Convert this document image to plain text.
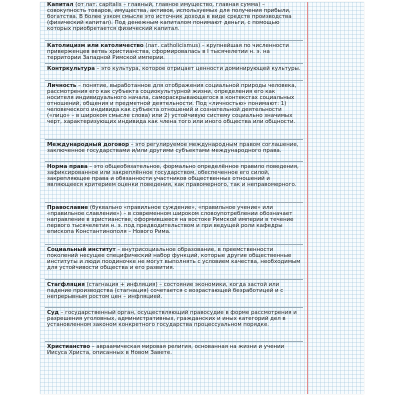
Капитал (от лат. capitalis – главный, главное имущество, главная сумма) – совокупность товаров, имущества, активов, используемых для получения прибыли, богатства. В более узком смысле это источник дохода в виде средств производства (физический капитал). Под денежным капиталом понимают деньги, с помощью которых приобретается физический капитал.

Католицизм или католичество (лат. catholicismus) – крупнейшая по численности приверженцев ветвь христианства, сформировалась в I тысячелетии н. э. на территории Западной Римской империи.

Контркультура – это культура, которое отрицает ценности доминирующей культуры.

Личность – понятие, выработанное для отображения социальной природы человека, рассмотрения его как субъекта социокультурной жизни, определения его как носителя индивидуального начала, самораскрывающегося в контекстах социальных отношений, общения и предметной деятельности. Под «личностью» понимают: 1) человеческого индивида как субъекта отношений и сознательной деятельности («лицо» – в широком смысле слова) или 2) устойчивую систему социально значимых черт, характеризующих индивида как члена того или иного общества или общности.

Международный договор – это регулируемое международным правом соглашение, заключенное государствами и/или другими субъектами международного права.

Норма права – это общеобязательное, формально определённое правило поведения, зафиксированное или закреплённое государством, обеспеченное его силой, закрепляющее права и обязанности участников общественных отношений и являющееся критерием оценки поведения, как правомерного, так и неправомерного.

Православие (буквально «правильное суждение», «правильное учение» или «правильное славление») – в современном широком словоупотреблении обозначает направление в христианстве, оформившееся на востоке Римской империи в течение первого тысячелетия н. э. под предводительством и при ведущей роли кафедры епископа Константинополя – Нового Рима.

Социальный институт – внутрисоциальное образование, в преемственности поколений несущее специфический набор функций, которые другие общественные институты и люди поодиночке не могут выполнять с условием качества, необходимым для устойчивости общества и его развития.

Стагфляция (стагнация + инфляция) – состояние экономики, когда застой или падение производства (стагнация) сочетается с возрастающей безработицей и с непрерывным ростом цен – инфляцией.

Суд – государственный орган, осуществляющий правосудие в форме рассмотрения и разрешения уголовных, административных, гражданских и иных категорий дел в установленном законом конкретного государства процессуальном порядке.

Христианство – авраамическая мировая религия, основанная на жизни и учении Иисуса Христа, описанных в Новом Завете.
